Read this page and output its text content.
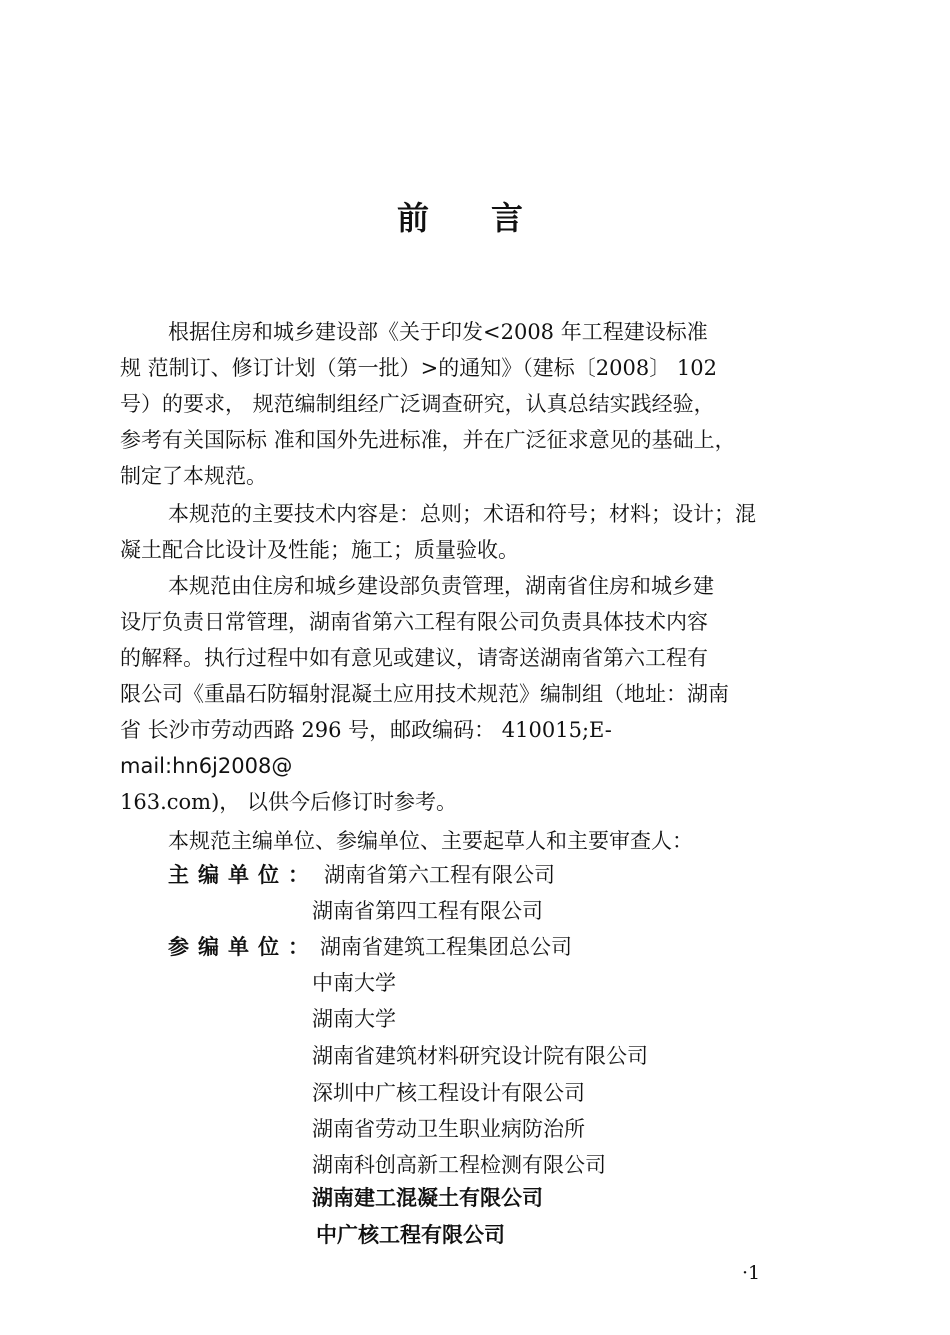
前言
根据住房和城乡建设部《关于印发<2008 年工程建设标准
规 范制订、修订计划（第一批）>的通知》（建标〔2008〕 102
号）的要求， 规范编制组经广泛调查研究，认真总结实践经验，
参考有关国际标 准和国外先进标准，并在广泛征求意见的基础上，
制定了本规范。
本规范的主要技术内容是：总则；术语和符号；材料；设计；混
凝土配合比设计及性能；施工；质量验收。
本规范由住房和城乡建设部负责管理，湖南省住房和城乡建
设厅负责日常管理，湖南省第六工程有限公司负责具体技术内容
的解释。执行过程中如有意见或建议，请寄送湖南省第六工程有
限公司《重晶石防辐射混凝土应用技术规范》编制组（地址：湖南
省 长沙市劳动西路 296 号，邮政编码： 410015;E-
mail:hn6j2008@
163.com)， 以供今后修订时参考。
本规范主编单位、参编单位、主要起草人和主要审查人：
主编单位： 湖南省第六工程有限公司
湖南省第四工程有限公司
参编单位： 湖南省建筑工程集团总公司
中南大学
湖南大学
湖南省建筑材料研究设计院有限公司
深圳中广核工程设计有限公司
湖南省劳动卫生职业病防治所
湖南科创高新工程检测有限公司
湖南建工混凝土有限公司
中广核工程有限公司
·1
